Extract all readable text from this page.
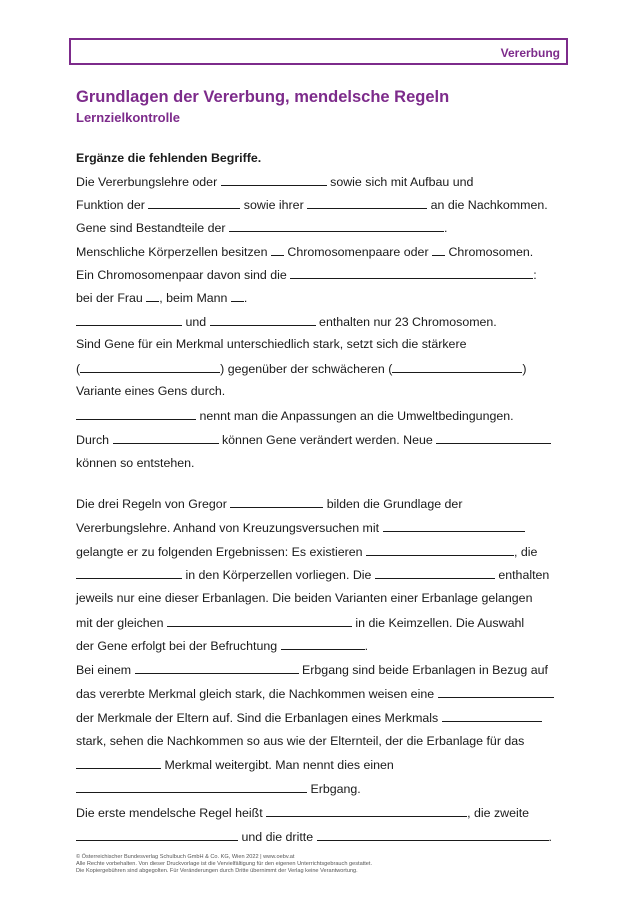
Vererbung
Grundlagen der Vererbung, mendelsche Regeln
Lernzielkontrolle
Ergänze die fehlenden Begriffe.
Die Vererbungslehre oder	sowie sich mit Aufbau und
Funktion der	sowie ihrer	an die Nachkommen.
Gene sind Bestandteile der	.
Menschliche Körperzellen besitzen Chromosomenpaare oder Chromosomen.
Ein Chromosomenpaar davon sind die	:
bei der Frau , beim Mann .
und	enthalten nur 23 Chromosomen.
Sind Gene für ein Merkmal unterschiedlich stark, setzt sich die stärkere
(	) gegenüber der schwächeren (	)
Variante eines Gens durch.
nennt man die Anpassungen an die Umweltbedingungen.
Durch	können Gene verändert werden. Neue
können so entstehen.
Die drei Regeln von Gregor	bilden die Grundlage der
Vererbungslehre. Anhand von Kreuzungsversuchen mit
gelangte er zu folgenden Ergebnissen: Es existieren	, die
in den Körperzellen vorliegen. Die	enthalten
jeweils nur eine dieser Erbanlagen. Die beiden Varianten einer Erbanlage gelangen
mit der gleichen	in die Keimzellen. Die Auswahl
der Gene erfolgt bei der Befruchtung	.
Bei einem	Erbgang sind beide Erbanlagen in Bezug auf
das vererbte Merkmal gleich stark, die Nachkommen weisen eine
der Merkmale der Eltern auf. Sind die Erbanlagen eines Merkmals
stark, sehen die Nachkommen so aus wie der Elternteil, der die Erbanlage für das
Merkmal weitergibt. Man nennt dies einen
Erbgang.
Die erste mendelsche Regel heißt	, die zweite
und die dritte	.
© Österreichischer Bundesverlag Schulbuch GmbH & Co. KG, Wien 2022 | www.oebv.at
Alle Rechte vorbehalten. Von dieser Druckvorlage ist die Vervielfältigung für den eigenen Unterrichtsgebrauch gestattet.
Die Kopiergebühren sind abgegolten. Für Veränderungen durch Dritte übernimmt der Verlag keine Verantwortung.
